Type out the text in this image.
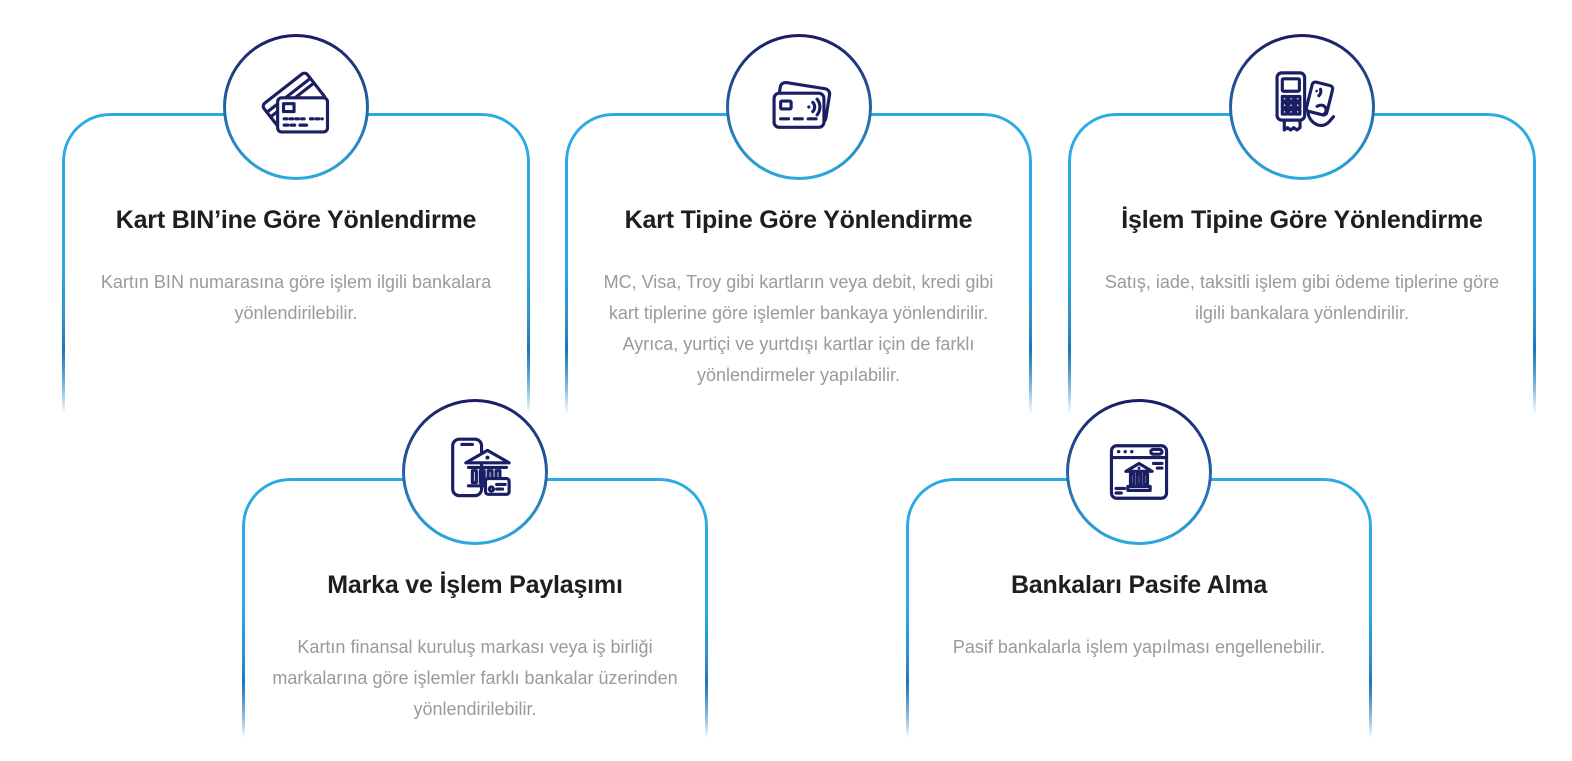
Kart BIN’ine Göre Yönlendirme

Kartın BIN numarasına göre işlem ilgili bankalara yönlendirilebilir.

Kart Tipine Göre Yönlendirme

MC, Visa, Troy gibi kartların veya debit, kredi gibi kart tiplerine göre işlemler bankaya yönlendirilir. Ayrıca, yurtiçi ve yurtdışı kartlar için de farklı yönlendirmeler yapılabilir.

İşlem Tipine Göre Yönlendirme

Satış, iade, taksitli işlem gibi ödeme tiplerine göre ilgili bankalara yönlendirilir.

Marka ve İşlem Paylaşımı

Kartın finansal kuruluş markası veya iş birliği markalarına göre işlemler farklı bankalar üzerinden yönlendirilebilir.

Bankaları Pasife Alma

Pasif bankalarla işlem yapılması engellenebilir.
